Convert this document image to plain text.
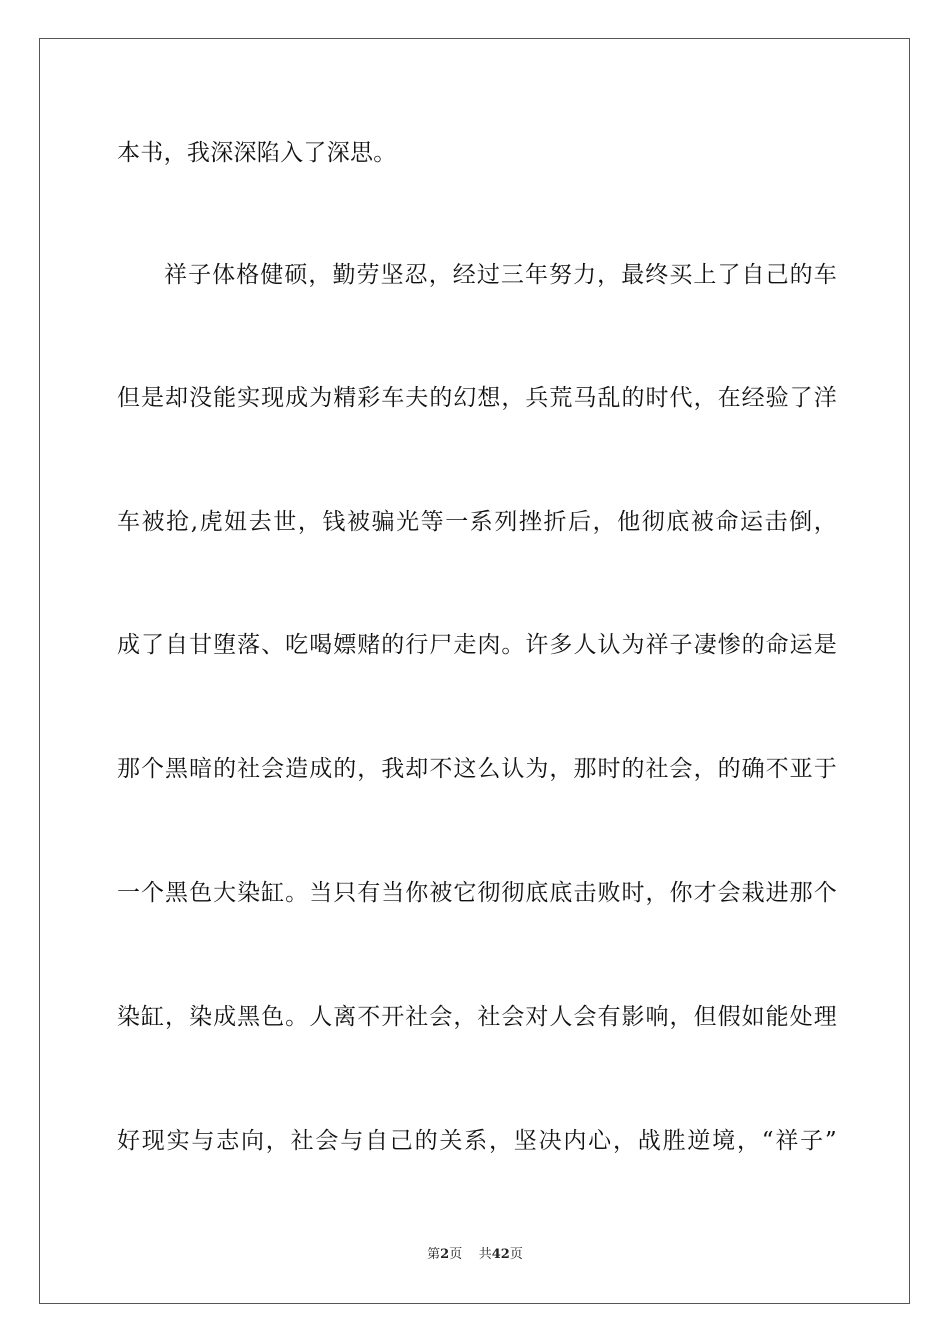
本书，我深深陷入了深思。
祥子体格健硕，勤劳坚忍，经过三年努力，最终买上了自己的车
但是却没能实现成为精彩车夫的幻想，兵荒马乱的时代，在经验了洋
车被抢,虎妞去世，钱被骗光等一系列挫折后，他彻底被命运击倒，
成了自甘堕落、吃喝嫖赌的行尸走肉。许多人认为祥子凄惨的命运是
那个黑暗的社会造成的，我却不这么认为，那时的社会，的确不亚于
一个黑色大染缸。当只有当你被它彻彻底底击败时，你才会栽进那个
染缸，染成黑色。人离不开社会，社会对人会有影响，但假如能处理
好现实与志向，社会与自己的关系，坚决内心，战胜逆境，“祥子”
第2页 共42页
